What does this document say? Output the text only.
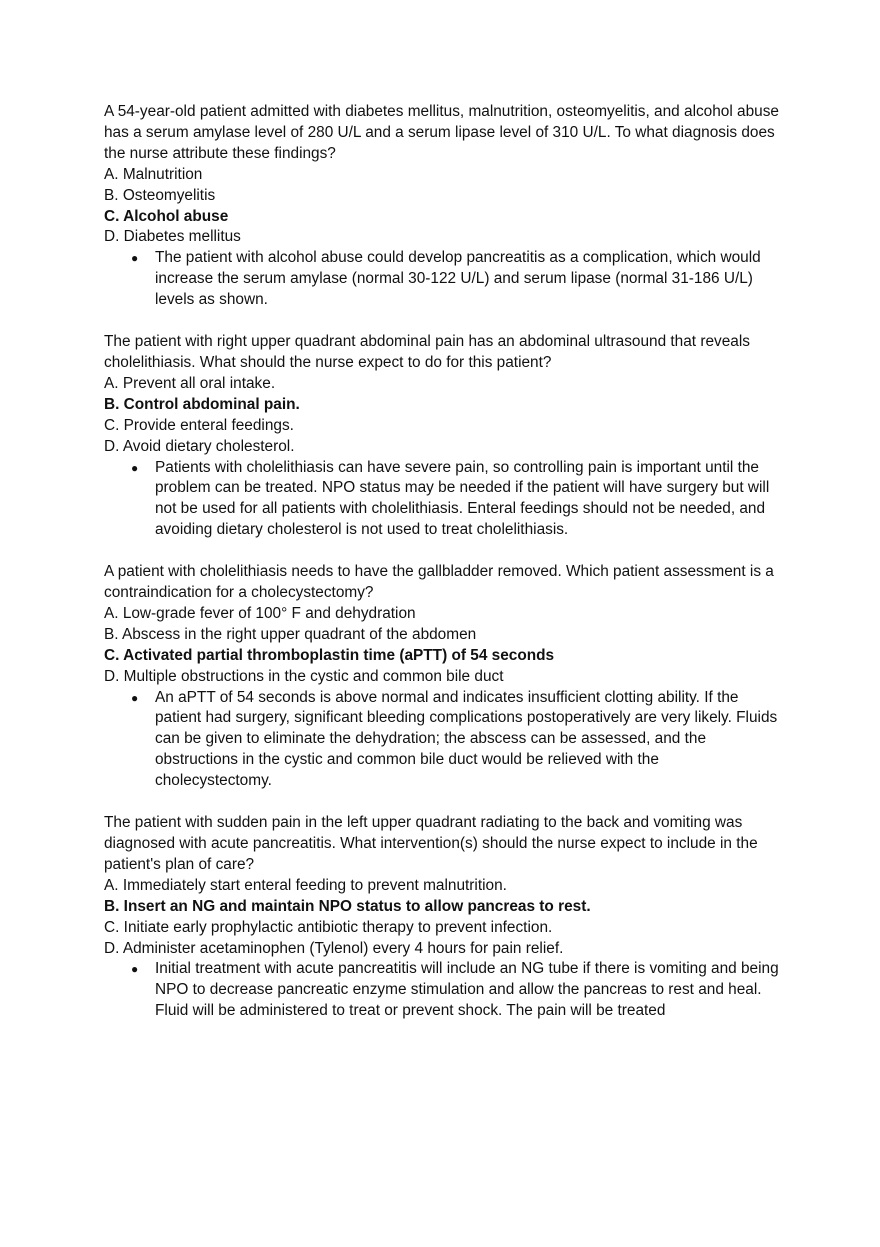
A 54-year-old patient admitted with diabetes mellitus, malnutrition, osteomyelitis, and alcohol abuse has a serum amylase level of 280 U/L and a serum lipase level of 310 U/L. To what diagnosis does the nurse attribute these findings?

A. Malnutrition

B. Osteomyelitis

C. Alcohol abuse

D. Diabetes mellitus

● The patient with alcohol abuse could develop pancreatitis as a complication, which would increase the serum amylase (normal 30-122 U/L) and serum lipase (normal 31-186 U/L) levels as shown.

The patient with right upper quadrant abdominal pain has an abdominal ultrasound that reveals cholelithiasis. What should the nurse expect to do for this patient?

A. Prevent all oral intake.

B. Control abdominal pain.

C. Provide enteral feedings.

D. Avoid dietary cholesterol.

● Patients with cholelithiasis can have severe pain, so controlling pain is important until the problem can be treated. NPO status may be needed if the patient will have surgery but will not be used for all patients with cholelithiasis. Enteral feedings should not be needed, and avoiding dietary cholesterol is not used to treat cholelithiasis.

A patient with cholelithiasis needs to have the gallbladder removed. Which patient assessment is a contraindication for a cholecystectomy?

A. Low-grade fever of 100° F and dehydration

B. Abscess in the right upper quadrant of the abdomen

C. Activated partial thromboplastin time (aPTT) of 54 seconds

D. Multiple obstructions in the cystic and common bile duct

● An aPTT of 54 seconds is above normal and indicates insufficient clotting ability. If the patient had surgery, significant bleeding complications postoperatively are very likely. Fluids can be given to eliminate the dehydration; the abscess can be assessed, and the obstructions in the cystic and common bile duct would be relieved with the cholecystectomy.

The patient with sudden pain in the left upper quadrant radiating to the back and vomiting was diagnosed with acute pancreatitis. What intervention(s) should the nurse expect to include in the patient's plan of care?

A. Immediately start enteral feeding to prevent malnutrition.

B. Insert an NG and maintain NPO status to allow pancreas to rest.

C. Initiate early prophylactic antibiotic therapy to prevent infection.

D. Administer acetaminophen (Tylenol) every 4 hours for pain relief.

● Initial treatment with acute pancreatitis will include an NG tube if there is vomiting and being NPO to decrease pancreatic enzyme stimulation and allow the pancreas to rest and heal. Fluid will be administered to treat or prevent shock. The pain will be treated
